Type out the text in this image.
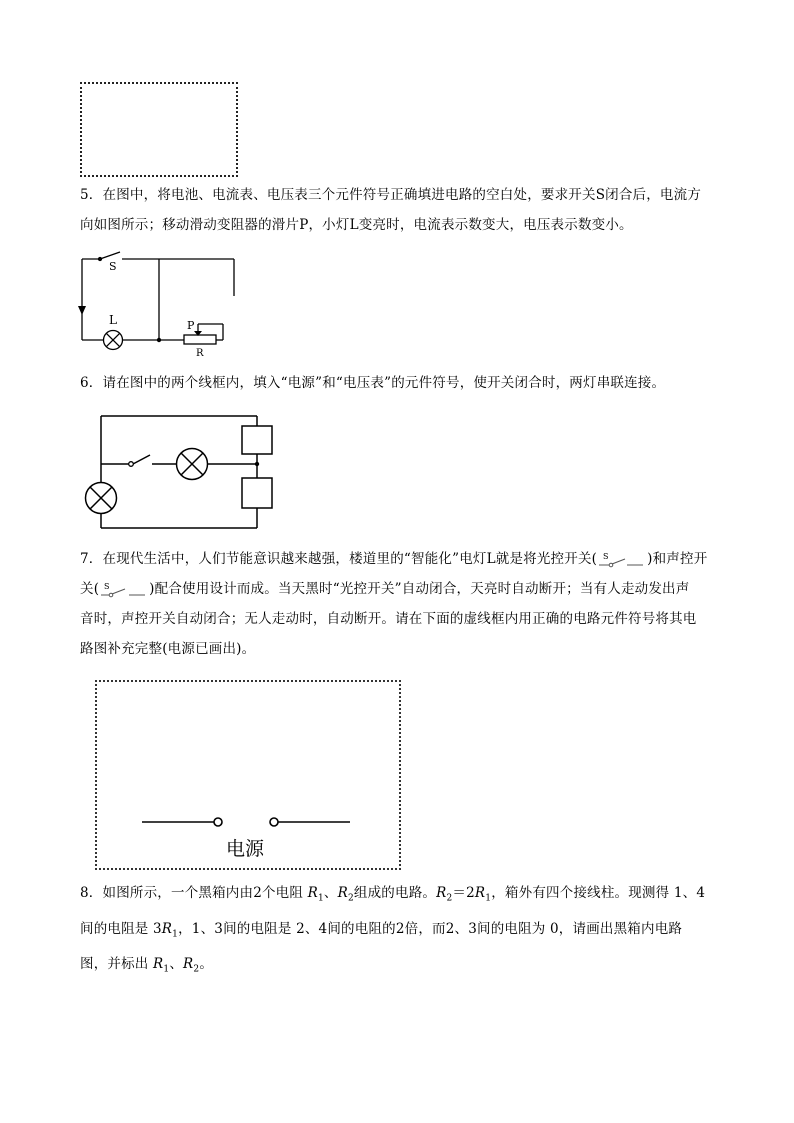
5．在图中，将电池、电流表、电压表三个元件符号正确填进电路的空白处，要求开关S闭合后，电流方
向如图所示；移动滑动变阻器的滑片P，小灯L变亮时，电流表示数变大，电压表示数变小。
S
L	P
R
6．请在图中的两个线框内，填入“电源”和“电压表”的元件符号，使开关闭合时，两灯串联连接。
7．在现代生活中，人们节能意识越来越强，楼道里的“智能化”电灯L就是将光控开关( S	)和声控开
关( S	)配合使用设计而成。当天黑时“光控开关”自动闭合，天亮时自动断开；当有人走动发出声
音时，声控开关自动闭合；无人走动时，自动断开。请在下面的虚线框内用正确的电路元件符号将其电
路图补充完整(电源已画出)。
电源
8．如图所示，一个黑箱内由2个电阻 $R_1$、$R_2$组成的电路。$R_2=2R_1$，箱外有四个接线柱。现测得 1、4
间的电阻是 $3R_1$，1、3间的电阻是 2、4间的电阻的2倍，而2、3间的电阻为 0，请画出黑箱内电路
图，并标出 $R_1$、$R_2$。
